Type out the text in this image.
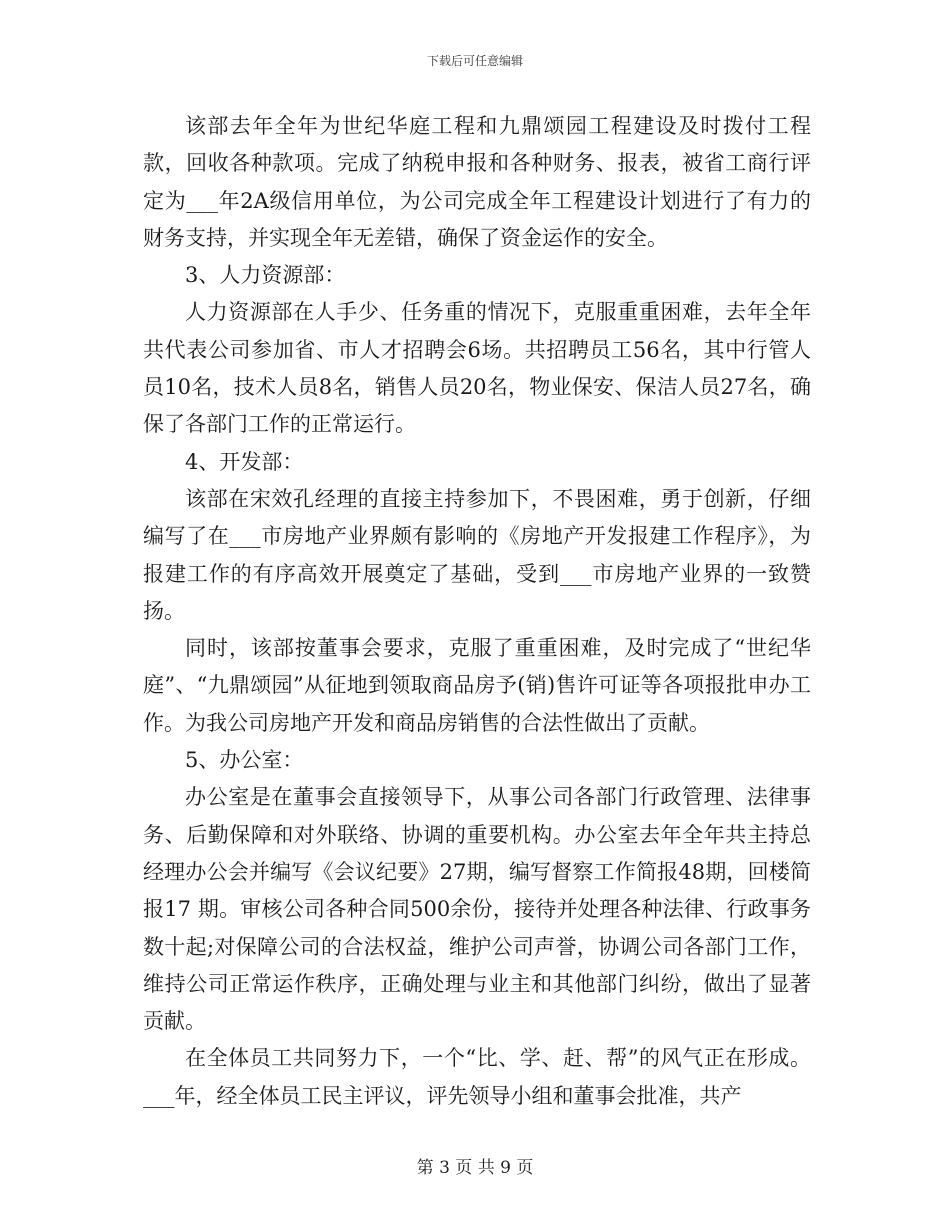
下载后可任意编辑

该部去年全年为世纪华庭工程和九鼎颂园工程建设及时拨付工程款，回收各种款项。完成了纳税申报和各种财务、报表，被省工商行评定为___年2A级信用单位，为公司完成全年工程建设计划进行了有力的财务支持，并实现全年无差错，确保了资金运作的安全。

3、人力资源部：

人力资源部在人手少、任务重的情况下，克服重重困难，去年全年共代表公司参加省、市人才招聘会6场。共招聘员工56名，其中行管人员10名，技术人员8名，销售人员20名，物业保安、保洁人员27名，确保了各部门工作的正常运行。

4、开发部：

该部在宋效孔经理的直接主持参加下，不畏困难，勇于创新，仔细编写了在___市房地产业界颇有影响的《房地产开发报建工作程序》，为报建工作的有序高效开展奠定了基础，受到___市房地产业界的一致赞扬。

同时，该部按董事会要求，克服了重重困难，及时完成了“世纪华庭”、“九鼎颂园”从征地到领取商品房予(销)售许可证等各项报批申办工作。为我公司房地产开发和商品房销售的合法性做出了贡献。

5、办公室：

办公室是在董事会直接领导下，从事公司各部门行政管理、法律事务、后勤保障和对外联络、协调的重要机构。办公室去年全年共主持总经理办公会并编写《会议纪要》27期，编写督察工作简报48期，回楼简报17 期。审核公司各种合同500余份，接待并处理各种法律、行政事务数十起;对保障公司的合法权益，维护公司声誉，协调公司各部门工作，维持公司正常运作秩序，正确处理与业主和其他部门纠纷，做出了显著贡献。

在全体员工共同努力下，一个“比、学、赶、帮”的风气正在形成。___年，经全体员工民主评议，评先领导小组和董事会批准，共产

第 3 页 共 9 页
